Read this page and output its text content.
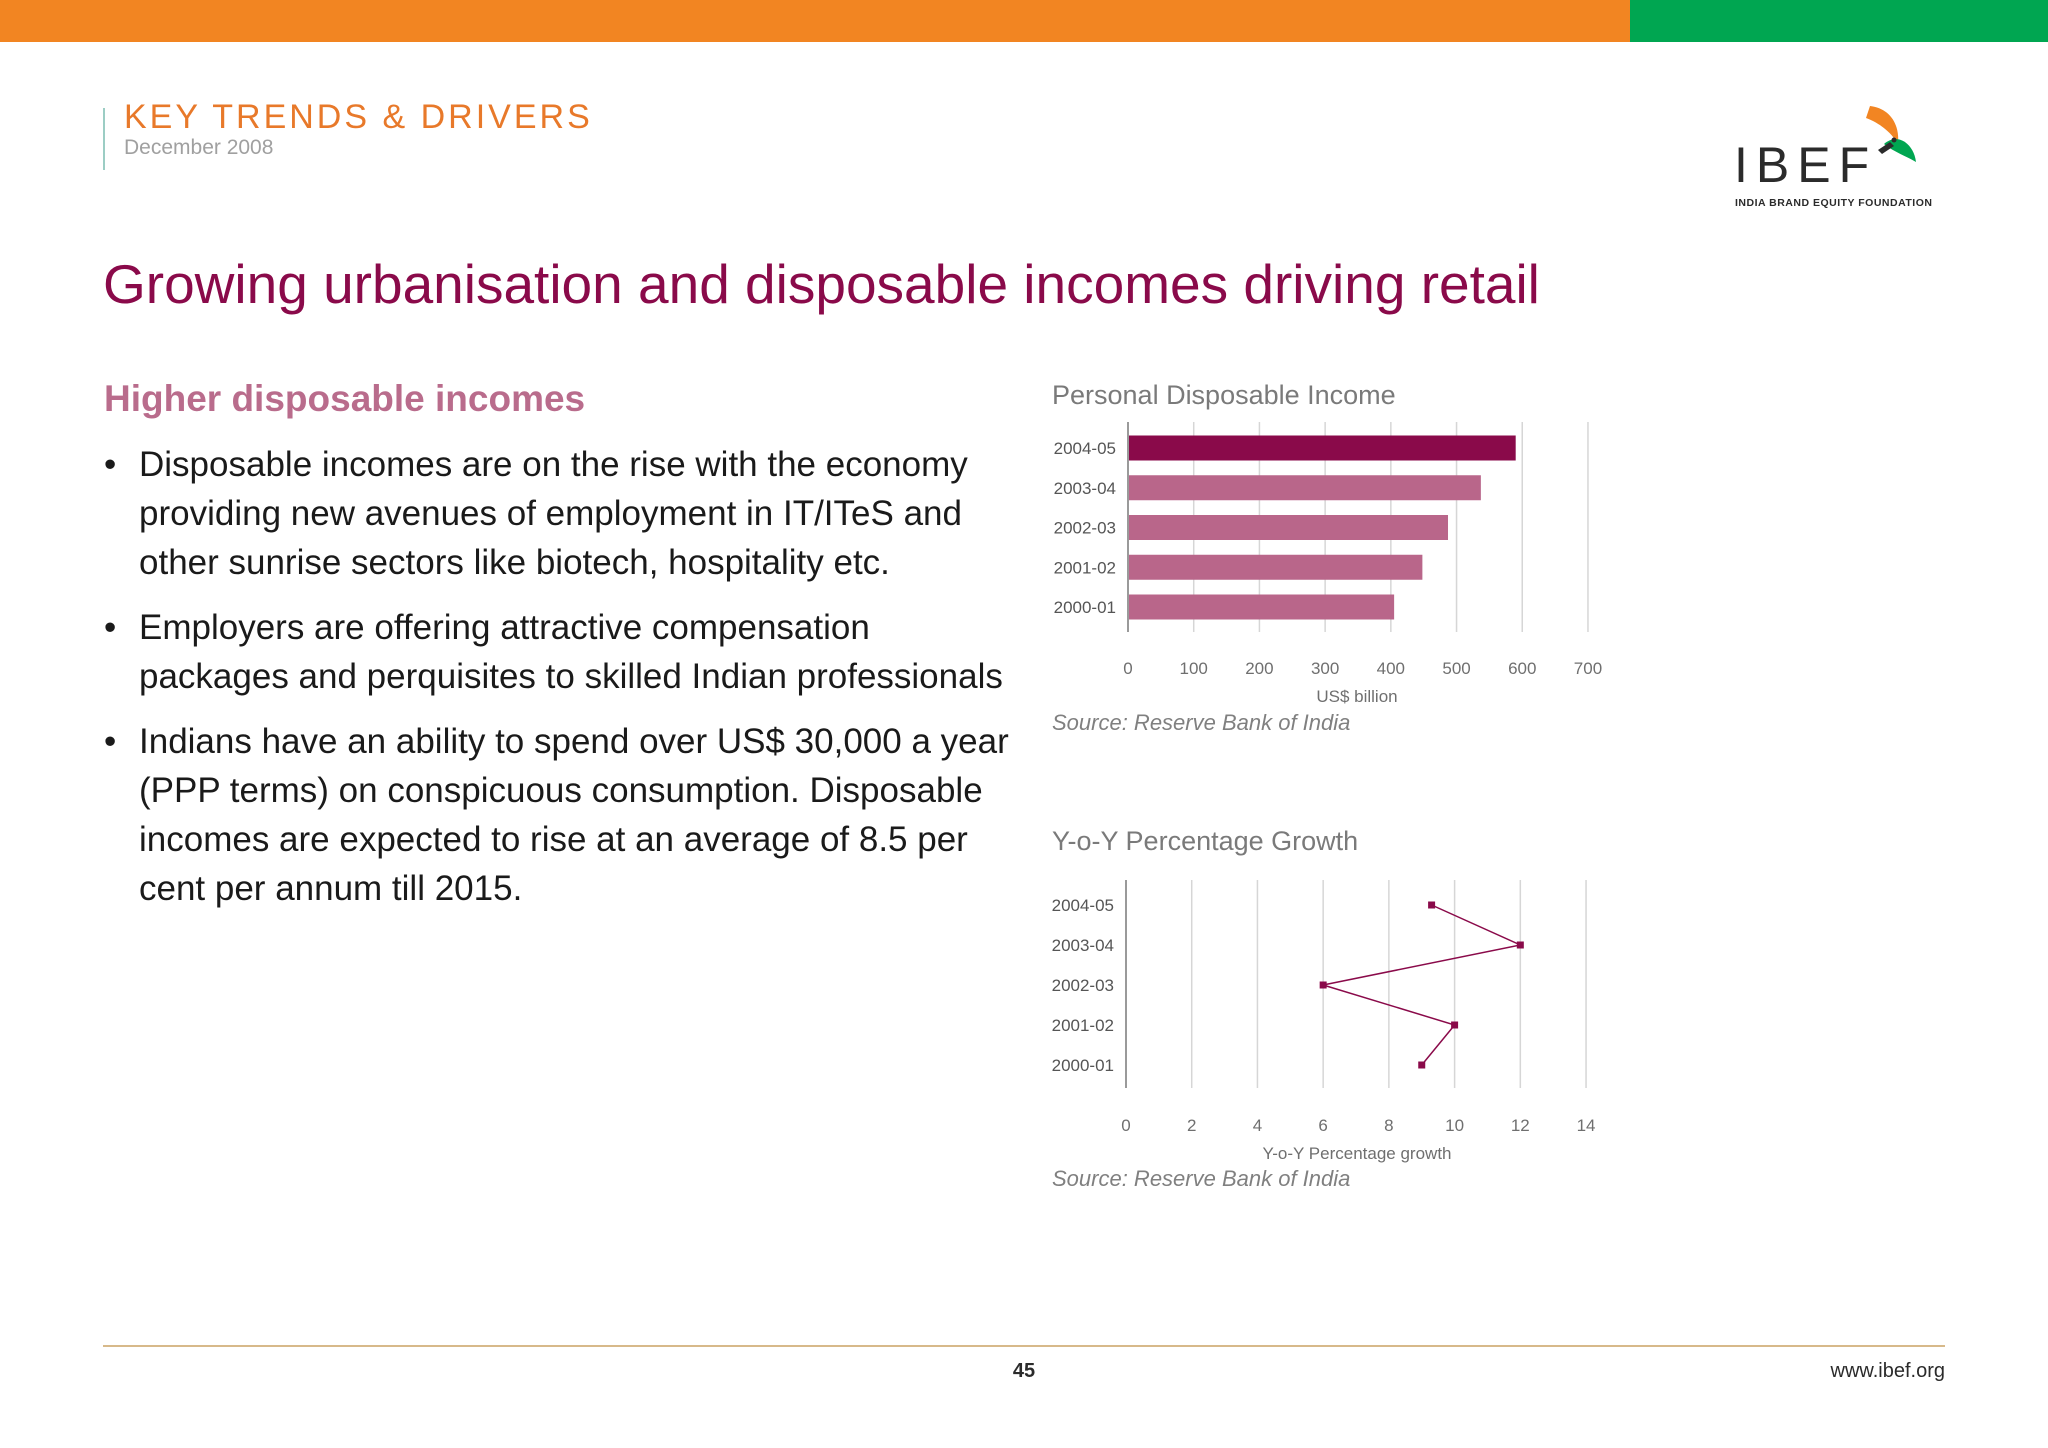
KEY TRENDS & DRIVERS
December 2008	IBEF
INDIA BRAND EQUITY FOUNDATION
Growing urbanisation and disposable incomes driving retail
Higher disposable incomes
• Disposable incomes are on the rise with the economy providing new avenues of employment in IT/ITeS and other sunrise sectors like biotech, hospitality etc.
• Employers are offering attractive compensation packages and perquisites to skilled Indian professionals
• Indians have an ability to spend over US$ 30,000 a year (PPP terms) on conspicuous consumption. Disposable incomes are expected to rise at an average of 8.5 per cent per annum till 2015.
Personal Disposable Income
0	100 200 300 400 500 600 700
2004-05
2003-04
2002-03
2001-02
2000-01
US$ billion
Source: Reserve Bank of India
Y-o-Y Percentage Growth
0	2	4	6	8	10	12	14
2004-05
2003-04
2002-03
2001-02
2000-01
Y-o-Y Percentage growth
Source: Reserve Bank of India
45	www.ibef.org
